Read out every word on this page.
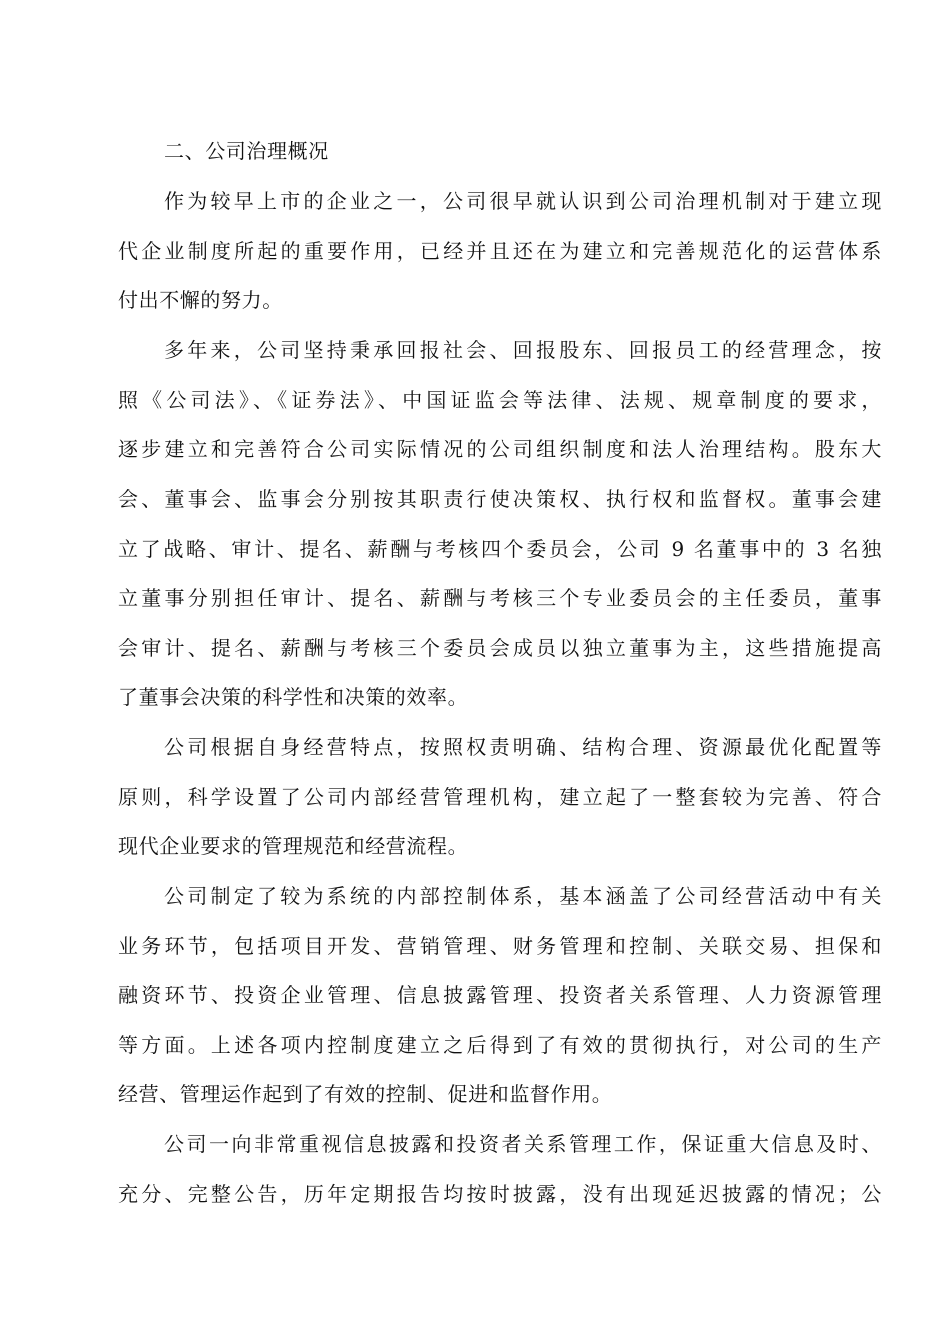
二、公司治理概况

作为较早上市的企业之一，公司很早就认识到公司治理机制对于建立现

代企业制度所起的重要作用，已经并且还在为建立和完善规范化的运营体系

付出不懈的努力。

多年来，公司坚持秉承回报社会、回报股东、回报员工的经营理念，按

照《公司法》、《证券法》、中国证监会等法律、法规、规章制度的要求，

逐步建立和完善符合公司实际情况的公司组织制度和法人治理结构。股东大

会、董事会、监事会分别按其职责行使决策权、执行权和监督权。董事会建

立了战略、审计、提名、薪酬与考核四个委员会，公司 9 名董事中的 3 名独

立董事分别担任审计、提名、薪酬与考核三个专业委员会的主任委员，董事

会审计、提名、薪酬与考核三个委员会成员以独立董事为主，这些措施提高

了董事会决策的科学性和决策的效率。

公司根据自身经营特点，按照权责明确、结构合理、资源最优化配置等

原则，科学设置了公司内部经营管理机构，建立起了一整套较为完善、符合

现代企业要求的管理规范和经营流程。

公司制定了较为系统的内部控制体系，基本涵盖了公司经营活动中有关

业务环节，包括项目开发、营销管理、财务管理和控制、关联交易、担保和

融资环节、投资企业管理、信息披露管理、投资者关系管理、人力资源管理

等方面。上述各项内控制度建立之后得到了有效的贯彻执行，对公司的生产

经营、管理运作起到了有效的控制、促进和监督作用。

公司一向非常重视信息披露和投资者关系管理工作，保证重大信息及时、

充分、完整公告，历年定期报告均按时披露，没有出现延迟披露的情况；公
